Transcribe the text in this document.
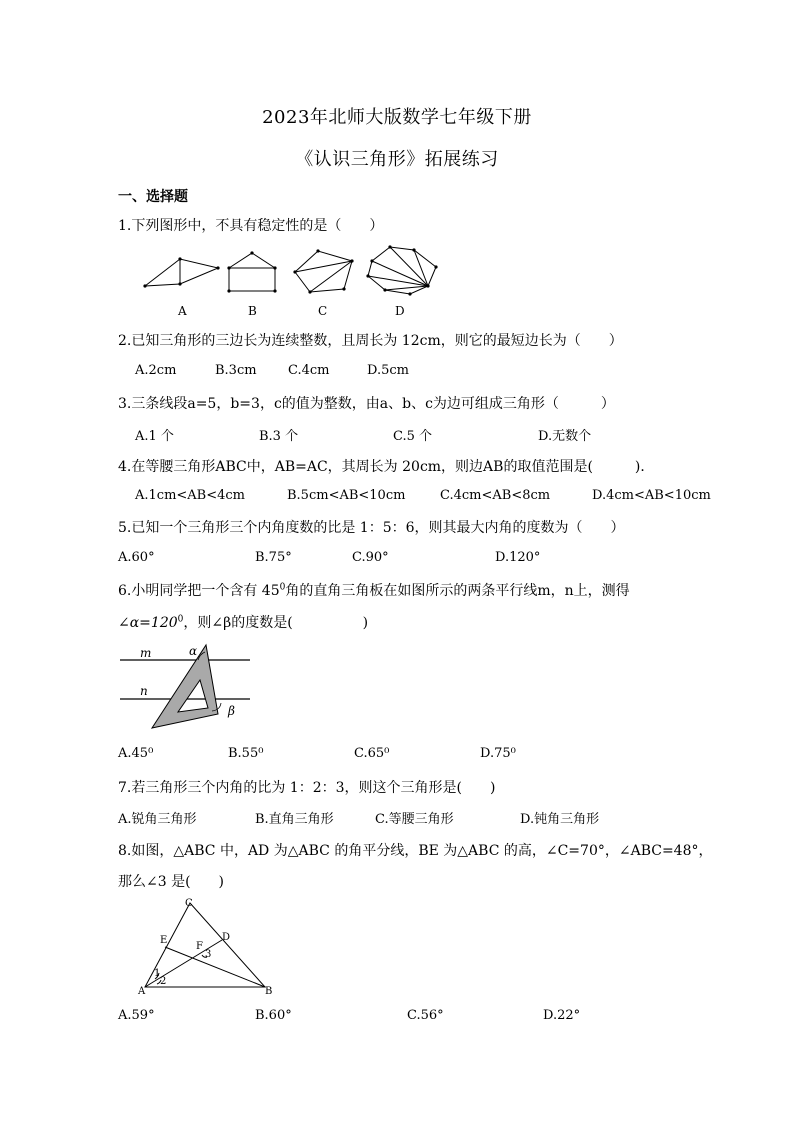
2023年北师大版数学七年级下册
《认识三角形》拓展练习
一、选择题
1.下列图形中，不具有稳定性的是（　　）
A	B	C	D
2.已知三角形的三边长为连续整数，且周长为 12cm，则它的最短边长为（　　）
A.2cm	B.3cm C.4cm	D.5cm
3.三条线段a=5，b=3，c的值为整数，由a、b、c为边可组成三角形（　　　）
A.1 个	B.3 个	C.5 个	D.无数个
4.在等腰三角形ABC中，AB=AC，其周长为 20cm，则边AB的取值范围是(　　　)．
A.1cm<AB<4cm	B.5cm<AB<10cm	C.4cm<AB<8cm	D.4cm<AB<10cm
5.已知一个三角形三个内角度数的比是 1：5：6，则其最大内角的度数为（　　）
A.60°	B.75°	C.90°	D.120°
6.小明同学把一个含有 $45^0$角的直角三角板在如图所示的两条平行线m，n上，测得
$\angle\alpha=120^0$，则∠β的度数是(　　　　　)
m
n
α
β
A.45⁰	B.55⁰	C.65⁰	D.75⁰
7.若三角形三个内角的比为 1：2：3，则这个三角形是(　　)
A.锐角三角形	B.直角三角形	C.等腰三角形	D.钝角三角形
8.如图，△ABC 中，AD 为△ABC 的角平分线，BE 为△ABC 的高，∠C=70°，∠ABC=48°，
那么∠3 是(　　)
C
E	D
F
3
1
2
A	B
A.59°	B.60°	C.56°	D.22°
